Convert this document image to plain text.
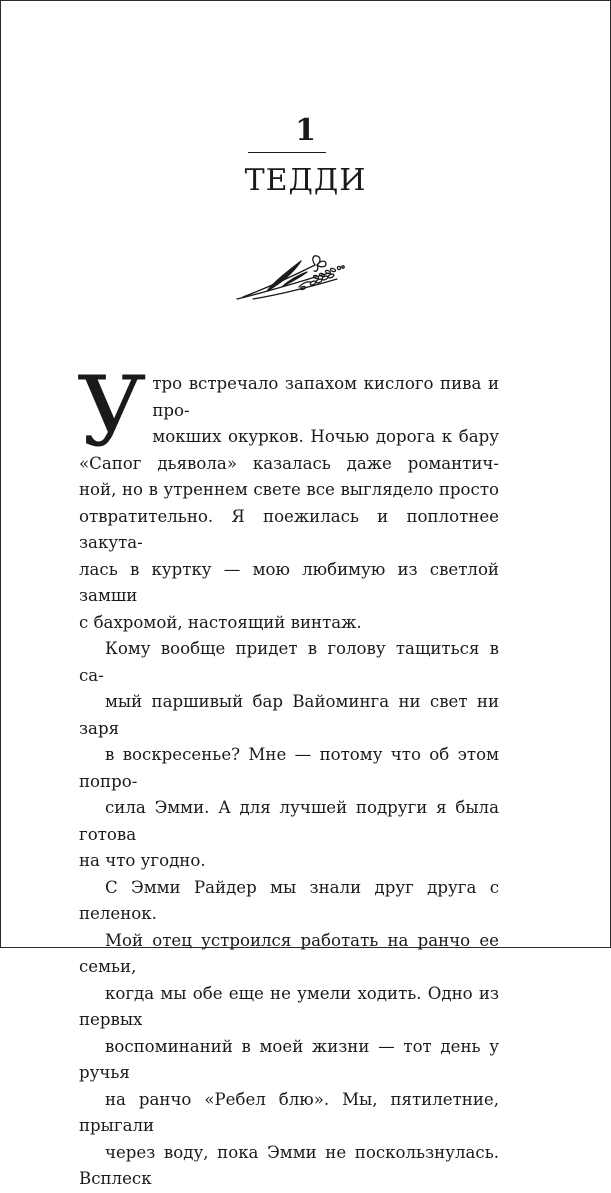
1
ТЕДДИ

У тро встречало запахом кислого пива и про-
мокших окурков. Ночью дорога к бару
«Сапог дьявола» казалась даже романтич-
ной, но в утреннем свете все выглядело просто
отвратительно. Я поежилась и поплотнее закута-
лась в куртку — мою любимую из светлой замши

с бахромой, настоящий винтаж.

Кому вообще придет в голову тащиться в са-
мый паршивый бар Вайоминга ни свет ни заря
в воскресенье? Мне — потому что об этом попро-
сила Эмми. А для лучшей подруги я была готова

на что угодно.

С Эмми Райдер мы знали друг друга с пеленок.
Мой отец устроился работать на ранчо ее семьи,
когда мы обе еще не умели ходить. Одно из первых
воспоминаний в моей жизни — тот день у ручья
на ранчо «Ребел блю». Мы, пятилетние, прыгали
через воду, пока Эмми не поскользнулась. Всплеск
